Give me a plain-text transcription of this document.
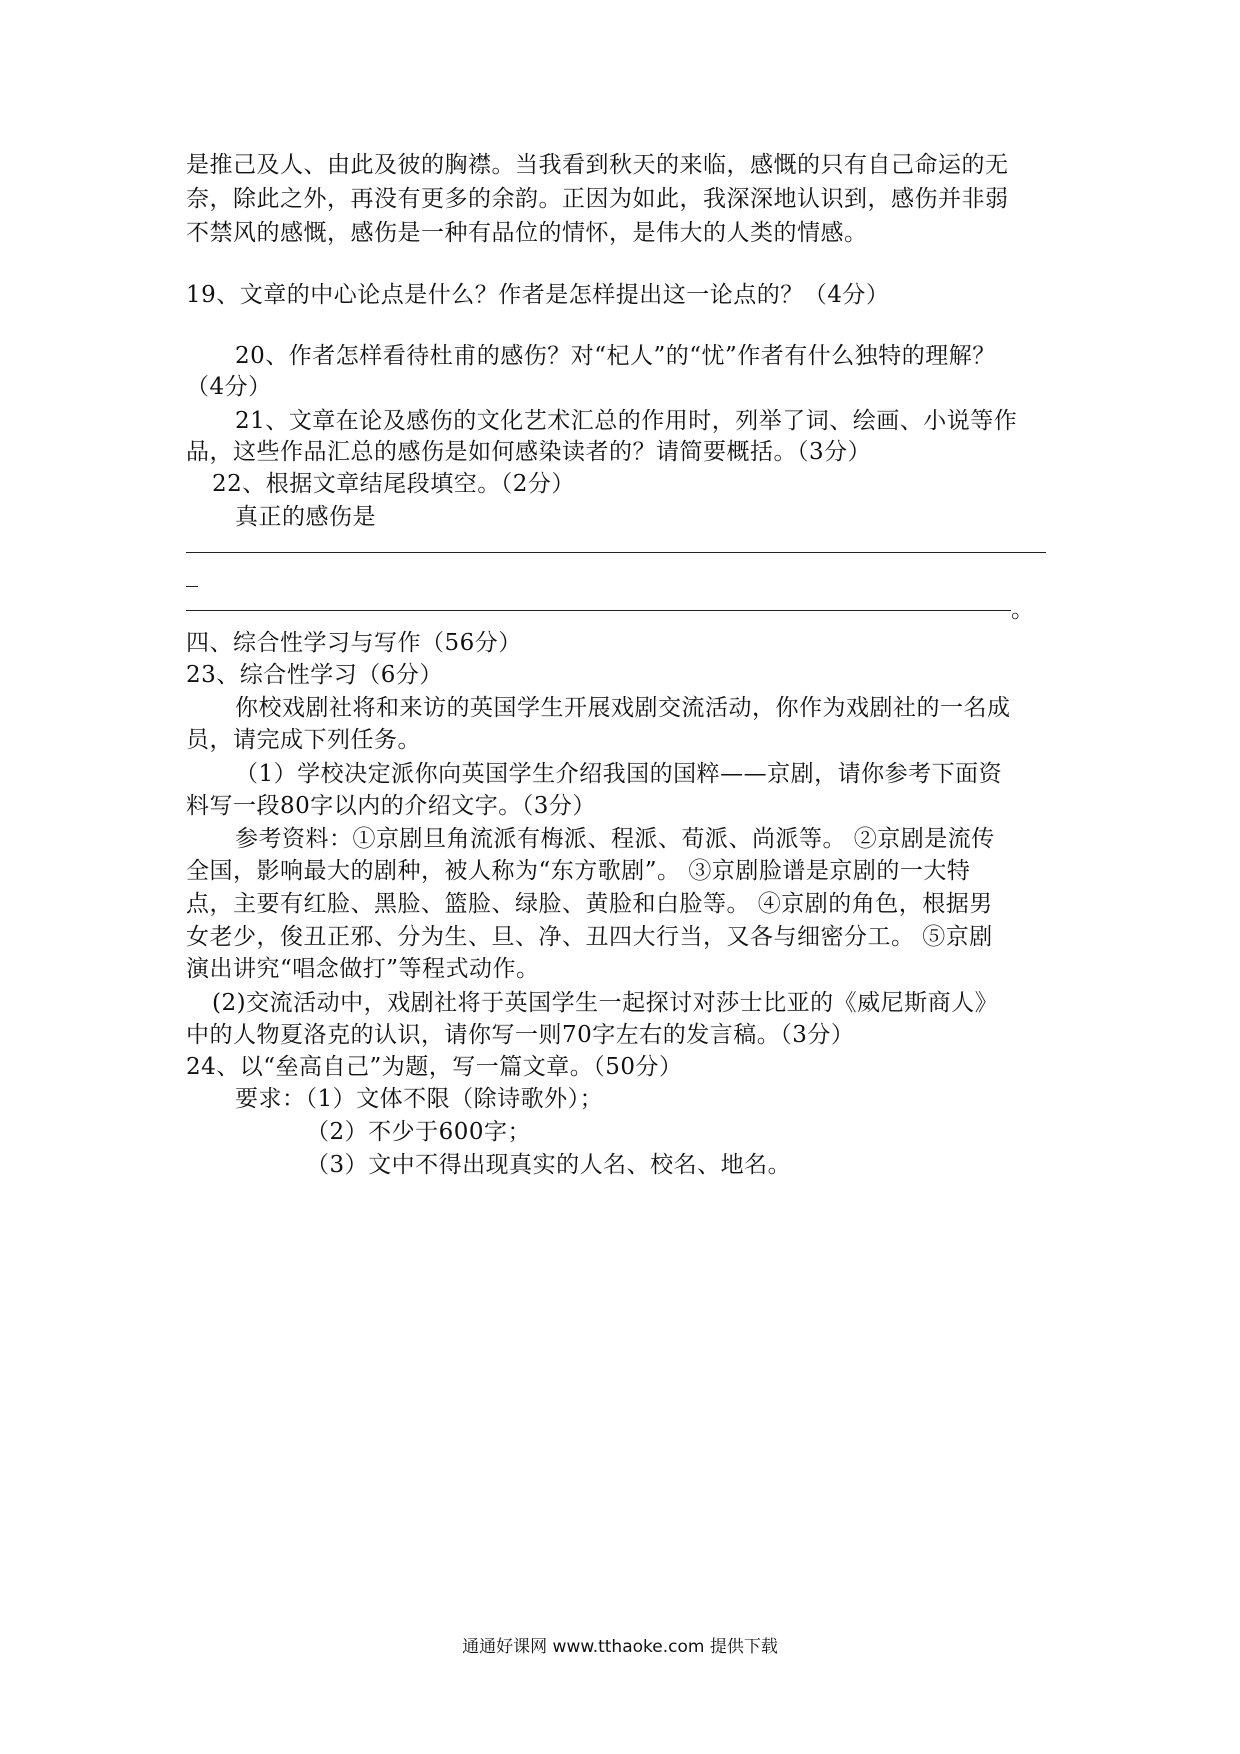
是推己及人、由此及彼的胸襟。当我看到秋天的来临，感慨的只有自己命运的无
奈，除此之外，再没有更多的余韵。正因为如此，我深深地认识到，感伤并非弱
不禁风的感慨，感伤是一种有品位的情怀，是伟大的人类的情感。
19、文章的中心论点是什么？作者是怎样提出这一论点的？（4分）
20、作者怎样看待杜甫的感伤？对“杞人”的“忧”作者有什么独特的理解？
（4分）
21、文章在论及感伤的文化艺术汇总的作用时，列举了词、绘画、小说等作
品，这些作品汇总的感伤是如何感染读者的？请简要概括。（3分）
22、根据文章结尾段填空。（2分）
真正的感伤是
。
四、综合性学习与写作（56分）
23、综合性学习（6分）
你校戏剧社将和来访的英国学生开展戏剧交流活动，你作为戏剧社的一名成
员，请完成下列任务。
（1）学校决定派你向英国学生介绍我国的国粹——京剧，请你参考下面资
料写一段80字以内的介绍文字。（3分）
参考资料：①京剧旦角流派有梅派、程派、荀派、尚派等。 ②京剧是流传
全国，影响最大的剧种，被人称为“东方歌剧”。 ③京剧脸谱是京剧的一大特
点，主要有红脸、黑脸、篮脸、绿脸、黄脸和白脸等。 ④京剧的角色，根据男
女老少，俊丑正邪、分为生、旦、净、丑四大行当，又各与细密分工。 ⑤京剧
演出讲究“唱念做打”等程式动作。
(2)交流活动中，戏剧社将于英国学生一起探讨对莎士比亚的《威尼斯商人》
中的人物夏洛克的认识，请你写一则70字左右的发言稿。（3分）
24、以“垒高自己”为题，写一篇文章。（50分）
要求：（1）文体不限（除诗歌外）；
（2）不少于600字；
（3）文中不得出现真实的人名、校名、地名。
通通好课网 www.tthaoke.com 提供下载
